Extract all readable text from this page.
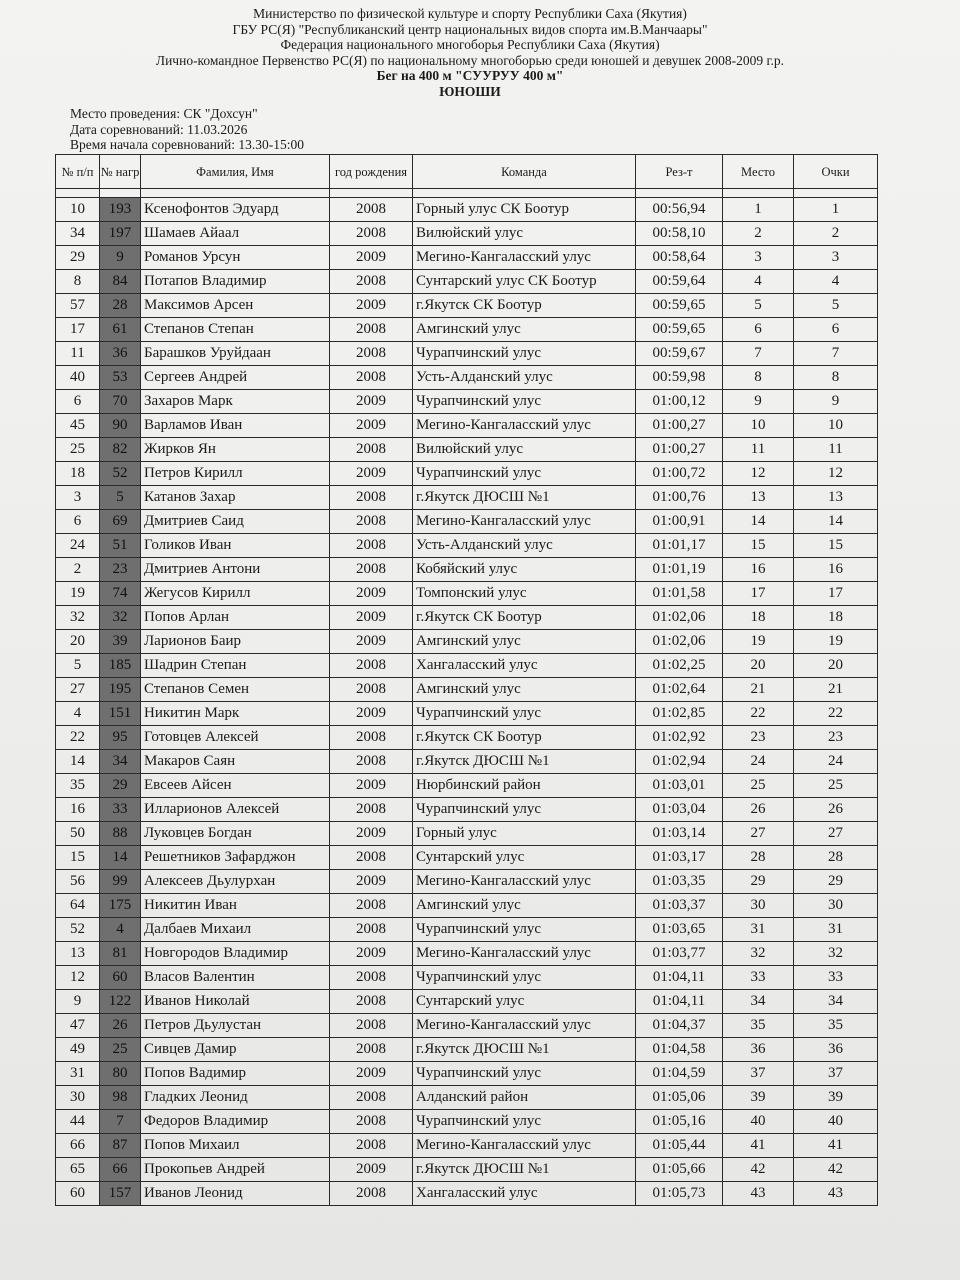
Министерство по физической культуре и спорту Республики Саха (Якутия)
ГБУ РС(Я) "Республиканский центр национальных видов спорта им.В.Манчаары"
Федерация национального многоборья Республики Саха (Якутия)
Лично-командное Первенство РС(Я) по национальному многоборью среди юношей и девушек 2008-2009 г.р.
Бег на 400 м "СУУРУУ 400 м"
ЮНОШИ
Место проведения: СК "Дохсун"
Дата соревнований: 11.03.2026
Время начала соревнований: 13.30-15:00
№ п/п	№ нагр	Фамилия, Имя	год рождения	Команда	Рез-т	Место	Очки

10	193	Ксенофонтов Эдуард	2008	Горный улус СК Боотур	00:56,94	1	1
34	197	Шамаев Айаал	2008	Вилюйский улус	00:58,10	2	2
29	9	Романов Урсун	2009	Мегино-Кангаласский улус	00:58,64	3	3
8	84	Потапов Владимир	2008	Сунтарский улус СК Боотур	00:59,64	4	4
57	28	Максимов Арсен	2009	г.Якутск СК Боотур	00:59,65	5	5
17	61	Степанов Степан	2008	Амгинский улус	00:59,65	6	6
11	36	Барашков Уруйдаан	2008	Чурапчинский улус	00:59,67	7	7
40	53	Сергеев Андрей	2008	Усть-Алданский улус	00:59,98	8	8
6	70	Захаров Марк	2009	Чурапчинский улус	01:00,12	9	9
45	90	Варламов Иван	2009	Мегино-Кангаласский улус	01:00,27	10	10
25	82	Жирков Ян	2008	Вилюйский улус	01:00,27	11	11
18	52	Петров Кирилл	2009	Чурапчинский улус	01:00,72	12	12
3	5	Катанов Захар	2008	г.Якутск ДЮСШ №1	01:00,76	13	13
6	69	Дмитриев Саид	2008	Мегино-Кангаласский улус	01:00,91	14	14
24	51	Голиков Иван	2008	Усть-Алданский улус	01:01,17	15	15
2	23	Дмитриев Антони	2008	Кобяйский улус	01:01,19	16	16
19	74	Жегусов Кирилл	2009	Томпонский улус	01:01,58	17	17
32	32	Попов Арлан	2009	г.Якутск СК Боотур	01:02,06	18	18
20	39	Ларионов Баир	2009	Амгинский улус	01:02,06	19	19
5	185	Шадрин Степан	2008	Хангаласский улус	01:02,25	20	20
27	195	Степанов Семен	2008	Амгинский улус	01:02,64	21	21
4	151	Никитин Марк	2009	Чурапчинский улус	01:02,85	22	22
22	95	Готовцев Алексей	2008	г.Якутск СК Боотур	01:02,92	23	23
14	34	Макаров Саян	2008	г.Якутск ДЮСШ №1	01:02,94	24	24
35	29	Евсеев Айсен	2009	Нюрбинский район	01:03,01	25	25
16	33	Илларионов Алексей	2008	Чурапчинский улус	01:03,04	26	26
50	88	Луковцев Богдан	2009	Горный улус	01:03,14	27	27
15	14	Решетников Зафарджон	2008	Сунтарский улус	01:03,17	28	28
56	99	Алексеев Дьулурхан	2009	Мегино-Кангаласский улус	01:03,35	29	29
64	175	Никитин Иван	2008	Амгинский улус	01:03,37	30	30
52	4	Далбаев Михаил	2008	Чурапчинский улус	01:03,65	31	31
13	81	Новгородов Владимир	2009	Мегино-Кангаласский улус	01:03,77	32	32
12	60	Власов Валентин	2008	Чурапчинский улус	01:04,11	33	33
9	122	Иванов Николай	2008	Сунтарский улус	01:04,11	34	34
47	26	Петров Дьулустан	2008	Мегино-Кангаласский улус	01:04,37	35	35
49	25	Сивцев Дамир	2008	г.Якутск ДЮСШ №1	01:04,58	36	36
31	80	Попов Вадимир	2009	Чурапчинский улус	01:04,59	37	37
30	98	Гладких Леонид	2008	Алданский район	01:05,06	39	39
44	7	Федоров Владимир	2008	Чурапчинский улус	01:05,16	40	40
66	87	Попов Михаил	2008	Мегино-Кангаласский улус	01:05,44	41	41
65	66	Прокопьев Андрей	2009	г.Якутск ДЮСШ №1	01:05,66	42	42
60	157	Иванов Леонид	2008	Хангаласский улус	01:05,73	43	43
